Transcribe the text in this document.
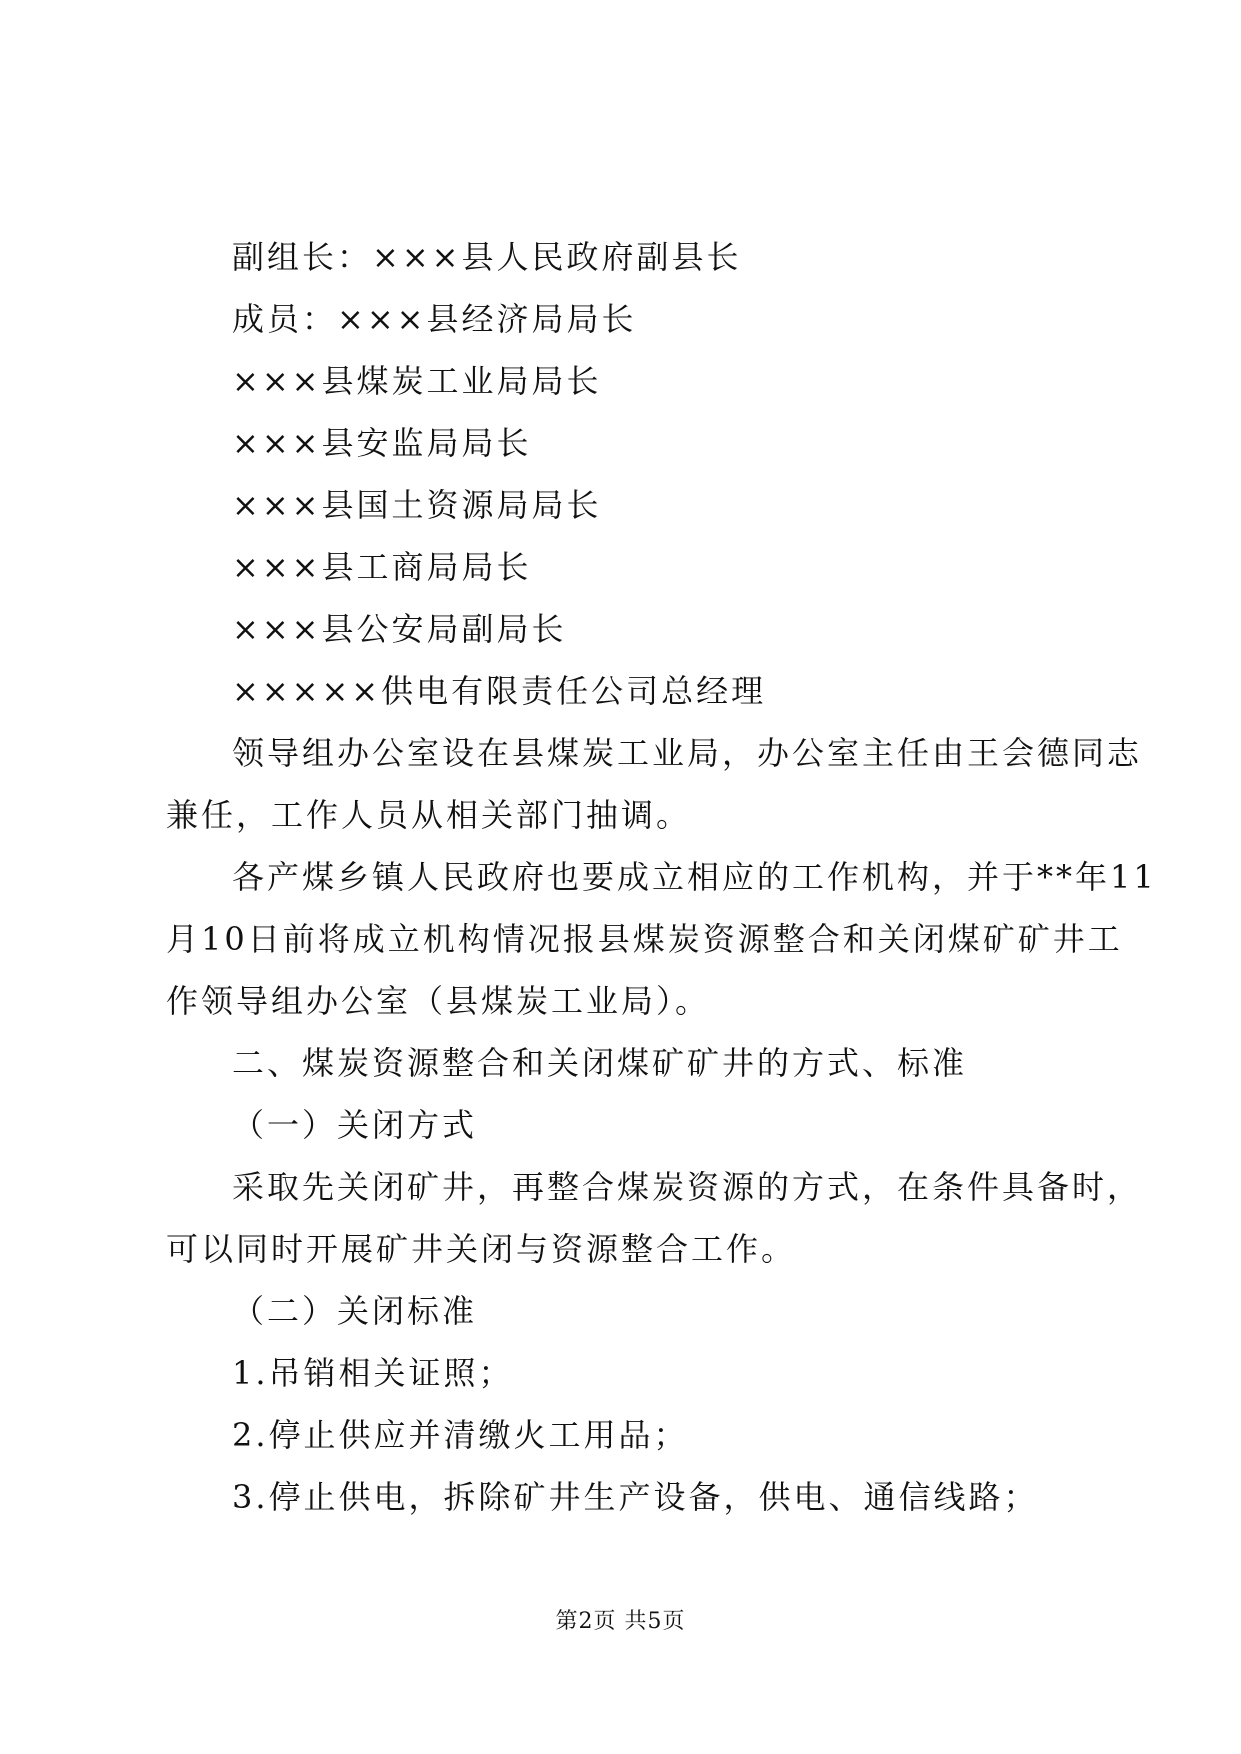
副组长：×××县人民政府副县长
成员：×××县经济局局长
×××县煤炭工业局局长
×××县安监局局长
×××县国土资源局局长
×××县工商局局长
×××县公安局副局长
×××××供电有限责任公司总经理
领导组办公室设在县煤炭工业局，办公室主任由王会德同志
兼任，工作人员从相关部门抽调。
各产煤乡镇人民政府也要成立相应的工作机构，并于**年11
月10日前将成立机构情况报县煤炭资源整合和关闭煤矿矿井工
作领导组办公室（县煤炭工业局）。
二、煤炭资源整合和关闭煤矿矿井的方式、标准
（一）关闭方式
采取先关闭矿井，再整合煤炭资源的方式，在条件具备时，
可以同时开展矿井关闭与资源整合工作。
（二）关闭标准
1.吊销相关证照；
2.停止供应并清缴火工用品；
3.停止供电，拆除矿井生产设备，供电、通信线路；
第2页 共5页
